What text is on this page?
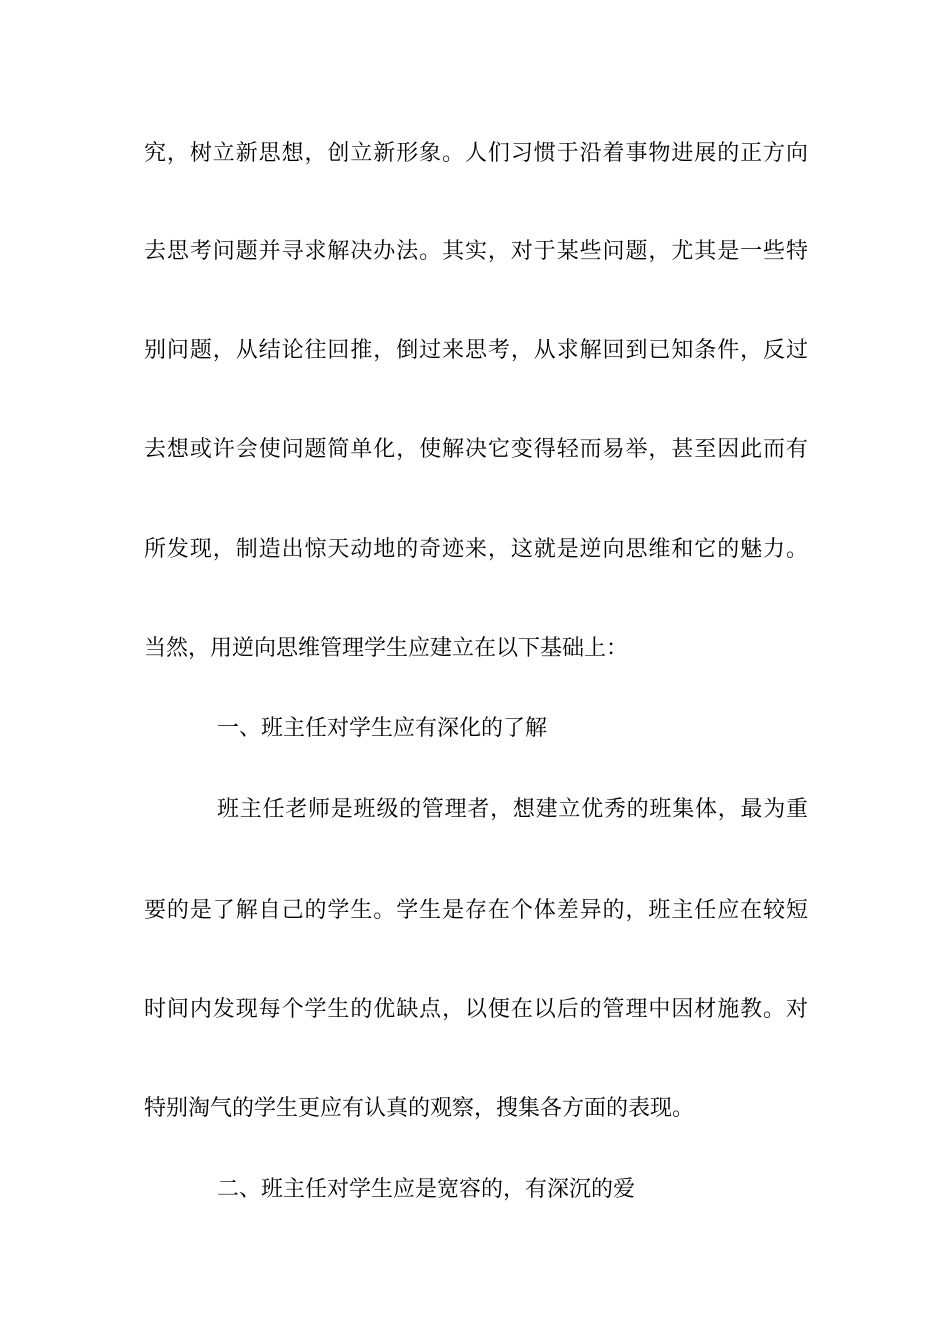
究，树立新思想，创立新形象。人们习惯于沿着事物进展的正方向
去思考问题并寻求解决办法。其实，对于某些问题，尤其是一些特
别问题，从结论往回推，倒过来思考，从求解回到已知条件，反过
去想或许会使问题简单化，使解决它变得轻而易举，甚至因此而有
所发现，制造出惊天动地的奇迹来，这就是逆向思维和它的魅力。
当然，用逆向思维管理学生应建立在以下基础上：
一、班主任对学生应有深化的了解
班主任老师是班级的管理者，想建立优秀的班集体，最为重
要的是了解自己的学生。学生是存在个体差异的，班主任应在较短
时间内发现每个学生的优缺点，以便在以后的管理中因材施教。对
特别淘气的学生更应有认真的观察，搜集各方面的表现。
二、班主任对学生应是宽容的，有深沉的爱
